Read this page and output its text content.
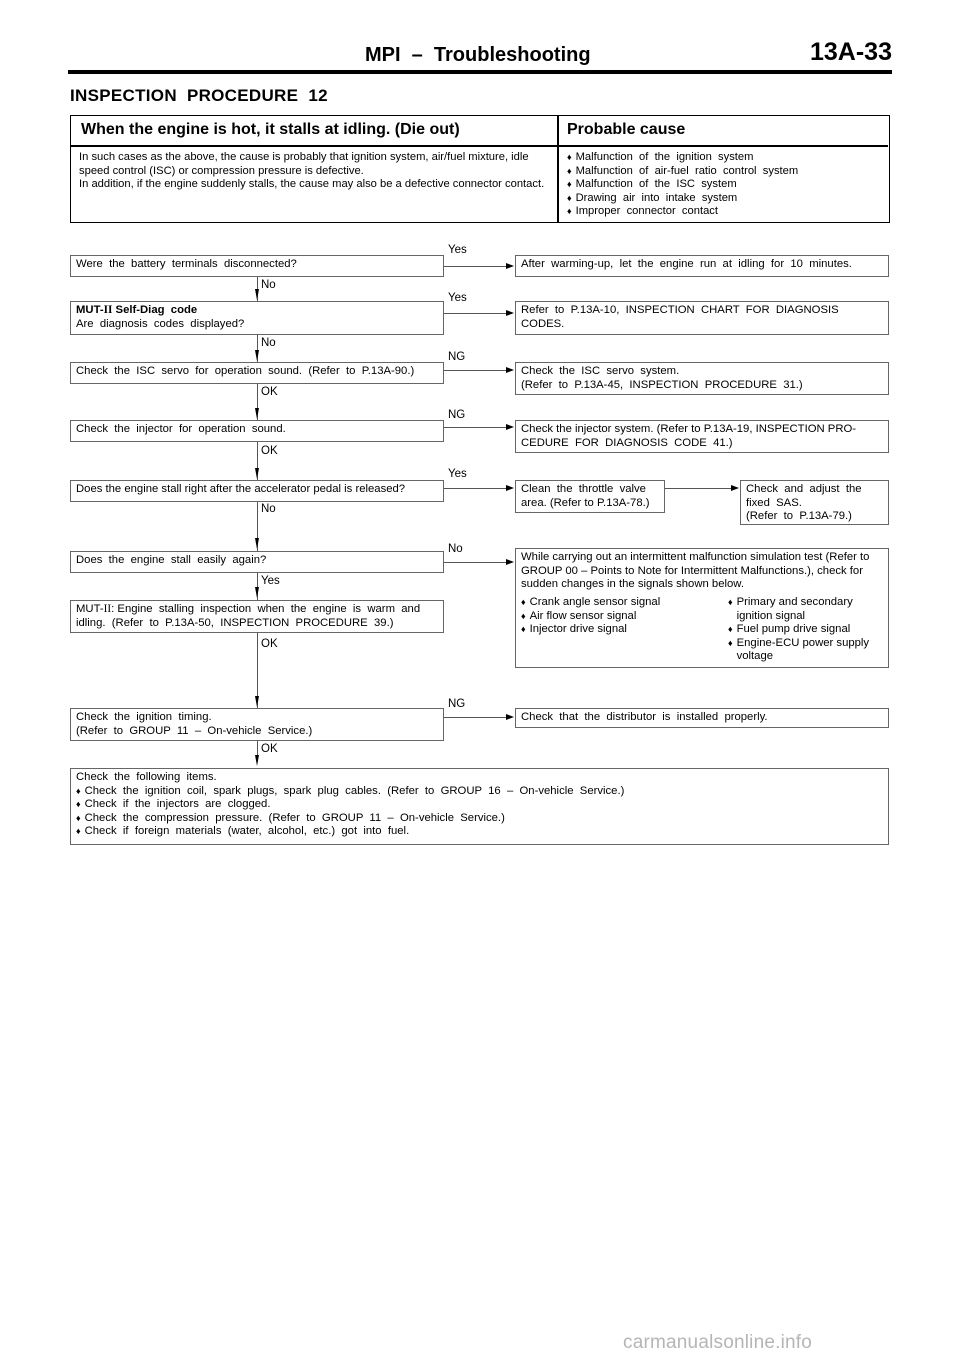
MPI  –  Troubleshooting	13A-33
INSPECTION  PROCEDURE  12
When the engine is hot, it stalls at idling. (Die out)	Probable cause
In such cases as the above, the cause is probably that ignition system, air/fuel mixture, idle speed control (ISC) or compression pressure is defective.
In addition, if the engine suddenly stalls, the cause may also be a defective connector contact.
♦ Malfunction  of  the  ignition  system
♦ Malfunction  of  air-fuel  ratio  control  system
♦ Malfunction  of  the  ISC  system
♦ Drawing  air  into  intake  system
♦ Improper  connector  contact
Were  the  battery  terminals  disconnected?
Yes
After  warming-up,  let  the  engine  run  at  idling  for  10  minutes.
No
MUT-II Self-Diag  code
Are  diagnosis  codes  displayed?
Yes
Refer  to  P.13A-10,  INSPECTION  CHART  FOR  DIAGNOSIS  CODES.
No
Check  the  ISC  servo  for  operation  sound.  (Refer  to  P.13A-90.)
NG
Check  the  ISC  servo  system.
(Refer  to  P.13A-45,  INSPECTION  PROCEDURE  31.)
OK
Check  the  injector  for  operation  sound.
NG
Check the injector system. (Refer to P.13A-19, INSPECTION PRO- CEDURE  FOR  DIAGNOSIS  CODE  41.)
OK
Does the engine stall right after the accelerator pedal is released?
Yes
Clean  the  throttle  valve area. (Refer to P.13A-78.)
Check  and  adjust  the fixed  SAS.
(Refer  to  P.13A-79.)
No
Does  the  engine  stall  easily  again?
No
While carrying out an intermittent malfunction simulation test (Refer to GROUP 00 – Points to Note for Intermittent Malfunctions.), check for sudden changes in the signals shown below.
♦ Crank angle sensor signal
♦ Air flow sensor signal
♦ Injector drive signal
♦
Primary and secondary ignition signal
♦
Fuel pump drive signal
♦
Engine-ECU power supply voltage
Yes
MUT-II: Engine  stalling  inspection  when  the  engine  is  warm  and idling.  (Refer  to  P.13A-50,  INSPECTION  PROCEDURE  39.)
OK
Check  the  ignition  timing.
(Refer  to  GROUP  11  –  On-vehicle  Service.)
NG
Check  that  the  distributor  is  installed  properly.
OK
Check  the  following  items.
♦ Check  the  ignition  coil,  spark  plugs,  spark  plug  cables.  (Refer  to  GROUP  16  –  On-vehicle  Service.)
♦ Check  if  the  injectors  are  clogged.
♦ Check  the  compression  pressure.  (Refer  to  GROUP  11  –  On-vehicle  Service.)
♦ Check  if  foreign  materials  (water,  alcohol,  etc.)  got  into  fuel.
carmanualsonline.info
